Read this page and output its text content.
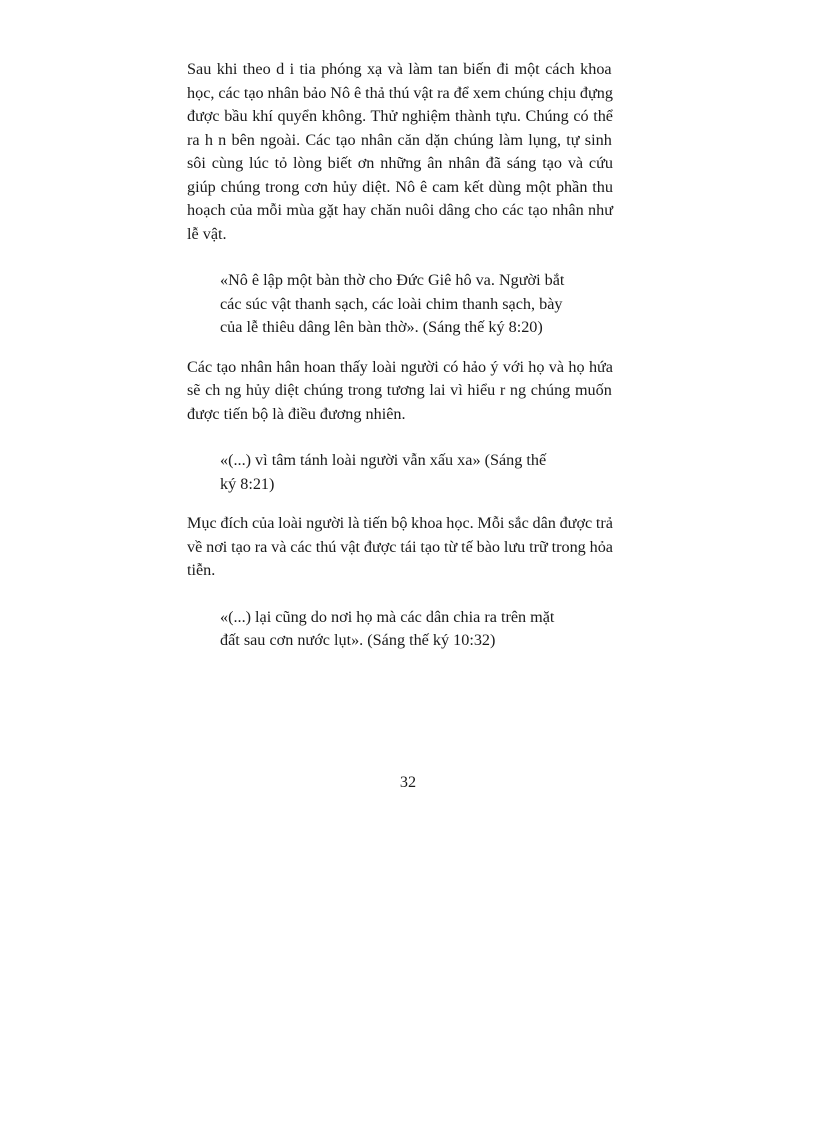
Sau khi theo d i tia phóng xạ và làm tan biến đi một cách khoa
học, các tạo nhân bảo Nô ê thả thú vật ra để xem chúng chịu đựng
được bầu khí quyển không. Thử nghiệm thành tựu. Chúng có thể
ra h n bên ngoài. Các tạo nhân căn dặn chúng làm lụng, tự sinh
sôi cùng lúc tỏ lòng biết ơn những ân nhân đã sáng tạo và cứu
giúp chúng trong cơn hủy diệt. Nô ê cam kết dùng một phần thu
hoạch của mỗi mùa gặt hay chăn nuôi dâng cho các tạo nhân như
lễ vật.
«Nô ê lập một bàn thờ cho Đức Giê hô va. Người bắt
các súc vật thanh sạch, các loài chim thanh sạch, bày
của lễ thiêu dâng lên bàn thờ». (Sáng thế ký 8:20)
Các tạo nhân hân hoan thấy loài người có hảo ý với họ và họ hứa
sẽ ch ng hủy diệt chúng trong tương lai vì hiểu r ng chúng muốn
được tiến bộ là điều đương nhiên.
«(...) vì tâm tánh loài người vẫn xấu xa» (Sáng thế
ký 8:21)
Mục đích của loài người là tiến bộ khoa học. Mỗi sắc dân được trả
về nơi tạo ra và các thú vật được tái tạo từ tế bào lưu trữ trong hỏa
tiễn.
«(...) lại cũng do nơi họ mà các dân chia ra trên mặt
đất sau cơn nước lụt». (Sáng thế ký 10:32)
32
